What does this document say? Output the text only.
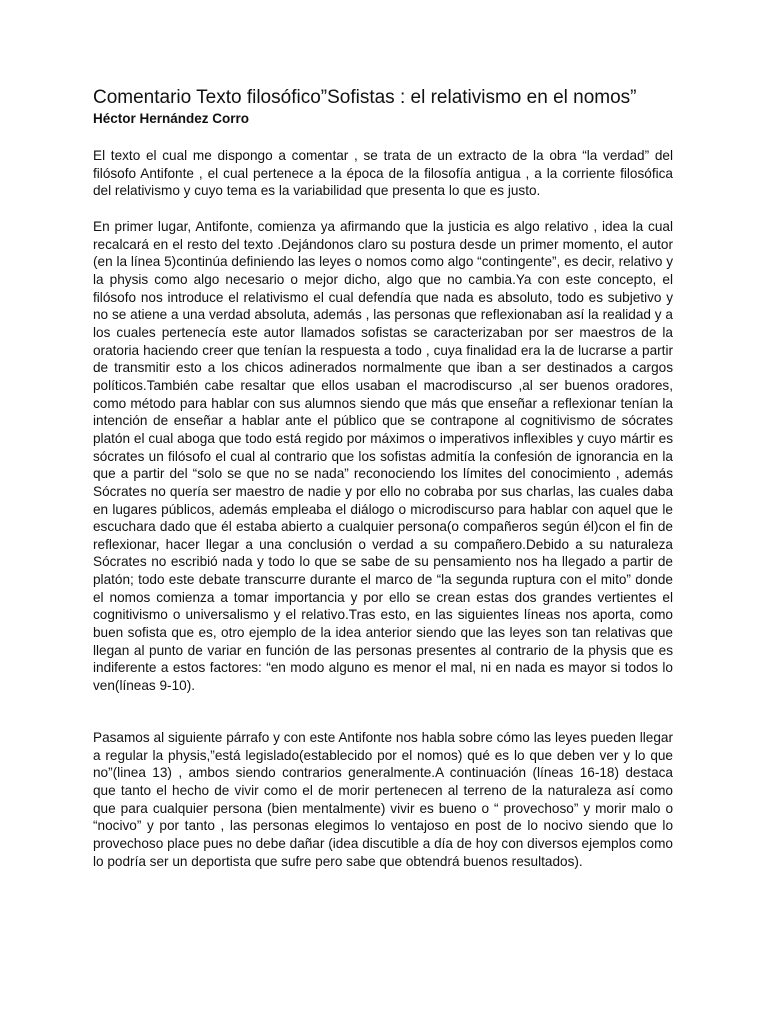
Comentario Texto filosófico”Sofistas : el relativismo en el nomos”
Héctor Hernández Corro

El texto el cual me dispongo a comentar , se trata de un extracto de la obra “la verdad” del filósofo Antifonte , el cual pertenece a la época de la filosofía antigua , a la corriente filosófica del relativismo y cuyo tema es la variabilidad que presenta lo que es justo.

En primer lugar, Antifonte, comienza ya afirmando que la justicia es algo relativo , idea la cual recalcará en el resto del texto .Dejándonos claro su postura desde un primer momento, el autor (en la línea 5)continúa definiendo las leyes o nomos como algo “contingente”, es decir, relativo y la physis como algo necesario o mejor dicho, algo que no cambia.Ya con este concepto, el filósofo nos introduce el relativismo el cual defendía que nada es absoluto, todo es subjetivo y no se atiene a una verdad absoluta, además , las personas que reflexionaban así la realidad y a los cuales pertenecía este autor llamados sofistas se caracterizaban por ser maestros de la oratoria haciendo creer que tenían la respuesta a todo , cuya finalidad era la de lucrarse a partir de transmitir esto a los chicos adinerados normalmente que iban a ser destinados a cargos políticos.También cabe resaltar que ellos usaban el macrodiscurso ,al ser buenos oradores, como método para hablar con sus alumnos siendo que más que enseñar a reflexionar tenían la intención de enseñar a hablar ante el público que se contrapone al cognitivismo de sócrates platón el cual aboga que todo está regido por máximos o imperativos inflexibles y cuyo mártir es sócrates un filósofo el cual al contrario que los sofistas admitía la confesión de ignorancia en la que a partir del “solo se que no se nada” reconociendo los límites del conocimiento , además Sócrates no quería ser maestro de nadie y por ello no cobraba por sus charlas, las cuales daba en lugares públicos, además empleaba el diálogo o microdiscurso para hablar con aquel que le escuchara dado que él estaba abierto a cualquier persona(o compañeros según él)con el fin de reflexionar, hacer llegar a una conclusión o verdad a su compañero.Debido a su naturaleza Sócrates no escribió nada y todo lo que se sabe de su pensamiento nos ha llegado a partir de platón; todo este debate transcurre durante el marco de “la segunda ruptura con el mito” donde el nomos comienza a tomar importancia y por ello se crean estas dos grandes vertientes el cognitivismo o universalismo y el relativo.Tras esto, en las siguientes líneas nos aporta, como buen sofista que es, otro ejemplo de la idea anterior siendo que las leyes son tan relativas que llegan al punto de variar en función de las personas presentes al contrario de la physis que es indiferente a estos factores: “en modo alguno es menor el mal, ni en nada es mayor si todos lo ven(líneas 9-10).

Pasamos al siguiente párrafo y con este Antifonte nos habla sobre cómo las leyes pueden llegar a regular la physis,”está legislado(establecido por el nomos) qué es lo que deben ver y lo que no”(linea 13) , ambos siendo contrarios generalmente.A continuación (líneas 16-18) destaca que tanto el hecho de vivir como el de morir pertenecen al terreno de la naturaleza así como que para cualquier persona (bien mentalmente) vivir es bueno o “ provechoso” y morir malo o “nocivo” y por tanto , las personas elegimos lo ventajoso en post de lo nocivo siendo que lo provechoso place pues no debe dañar (idea discutible a día de hoy con diversos ejemplos como lo podría ser un deportista que sufre pero sabe que obtendrá buenos resultados).
